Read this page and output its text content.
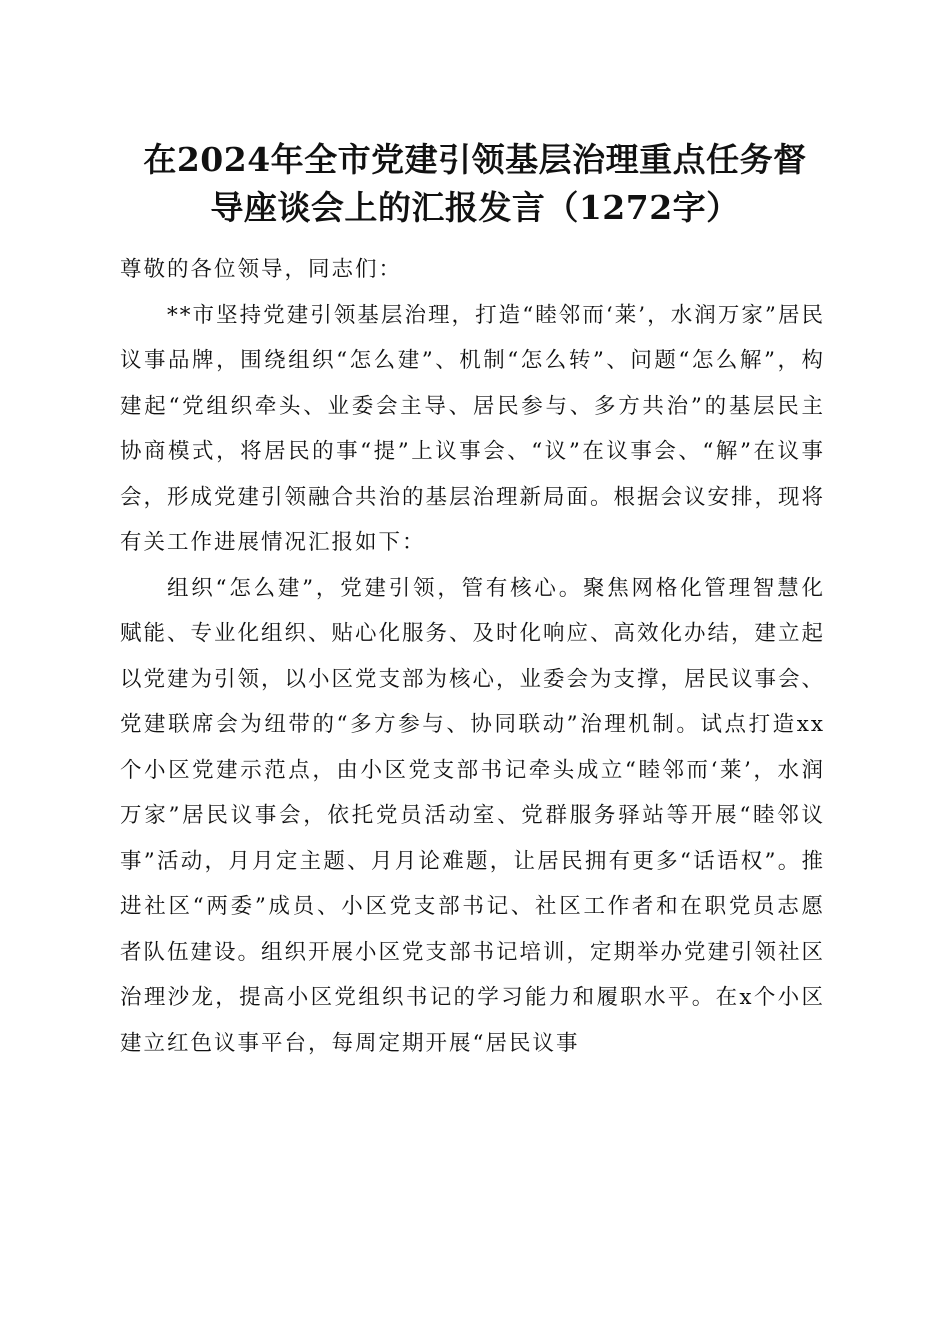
在2024年全市党建引领基层治理重点任务督
导座谈会上的汇报发言（1272字）

尊敬的各位领导，同志们：

**市坚持党建引领基层治理，打造“睦邻而‘莱’，水润万家”居民议事品牌，围绕组织“怎么建”、机制“怎么转”、问题“怎么解”，构建起“党组织牵头、业委会主导、居民参与、多方共治”的基层民主协商模式，将居民的事“提”上议事会、“议”在议事会、“解”在议事会，形成党建引领融合共治的基层治理新局面。根据会议安排，现将有关工作进展情况汇报如下：

组织“怎么建”，党建引领，管有核心。聚焦网格化管理智慧化赋能、专业化组织、贴心化服务、及时化响应、高效化办结，建立起以党建为引领，以小区党支部为核心，业委会为支撑，居民议事会、党建联席会为纽带的“多方参与、协同联动”治理机制。试点打造xx个小区党建示范点，由小区党支部书记牵头成立“睦邻而‘莱’，水润万家”居民议事会，依托党员活动室、党群服务驿站等开展“睦邻议事”活动，月月定主题、月月论难题，让居民拥有更多“话语权”。推进社区“两委”成员、小区党支部书记、社区工作者和在职党员志愿者队伍建设。组织开展小区党支部书记培训，定期举办党建引领社区治理沙龙，提高小区党组织书记的学习能力和履职水平。在x个小区建立红色议事平台，每周定期开展“居民议事
